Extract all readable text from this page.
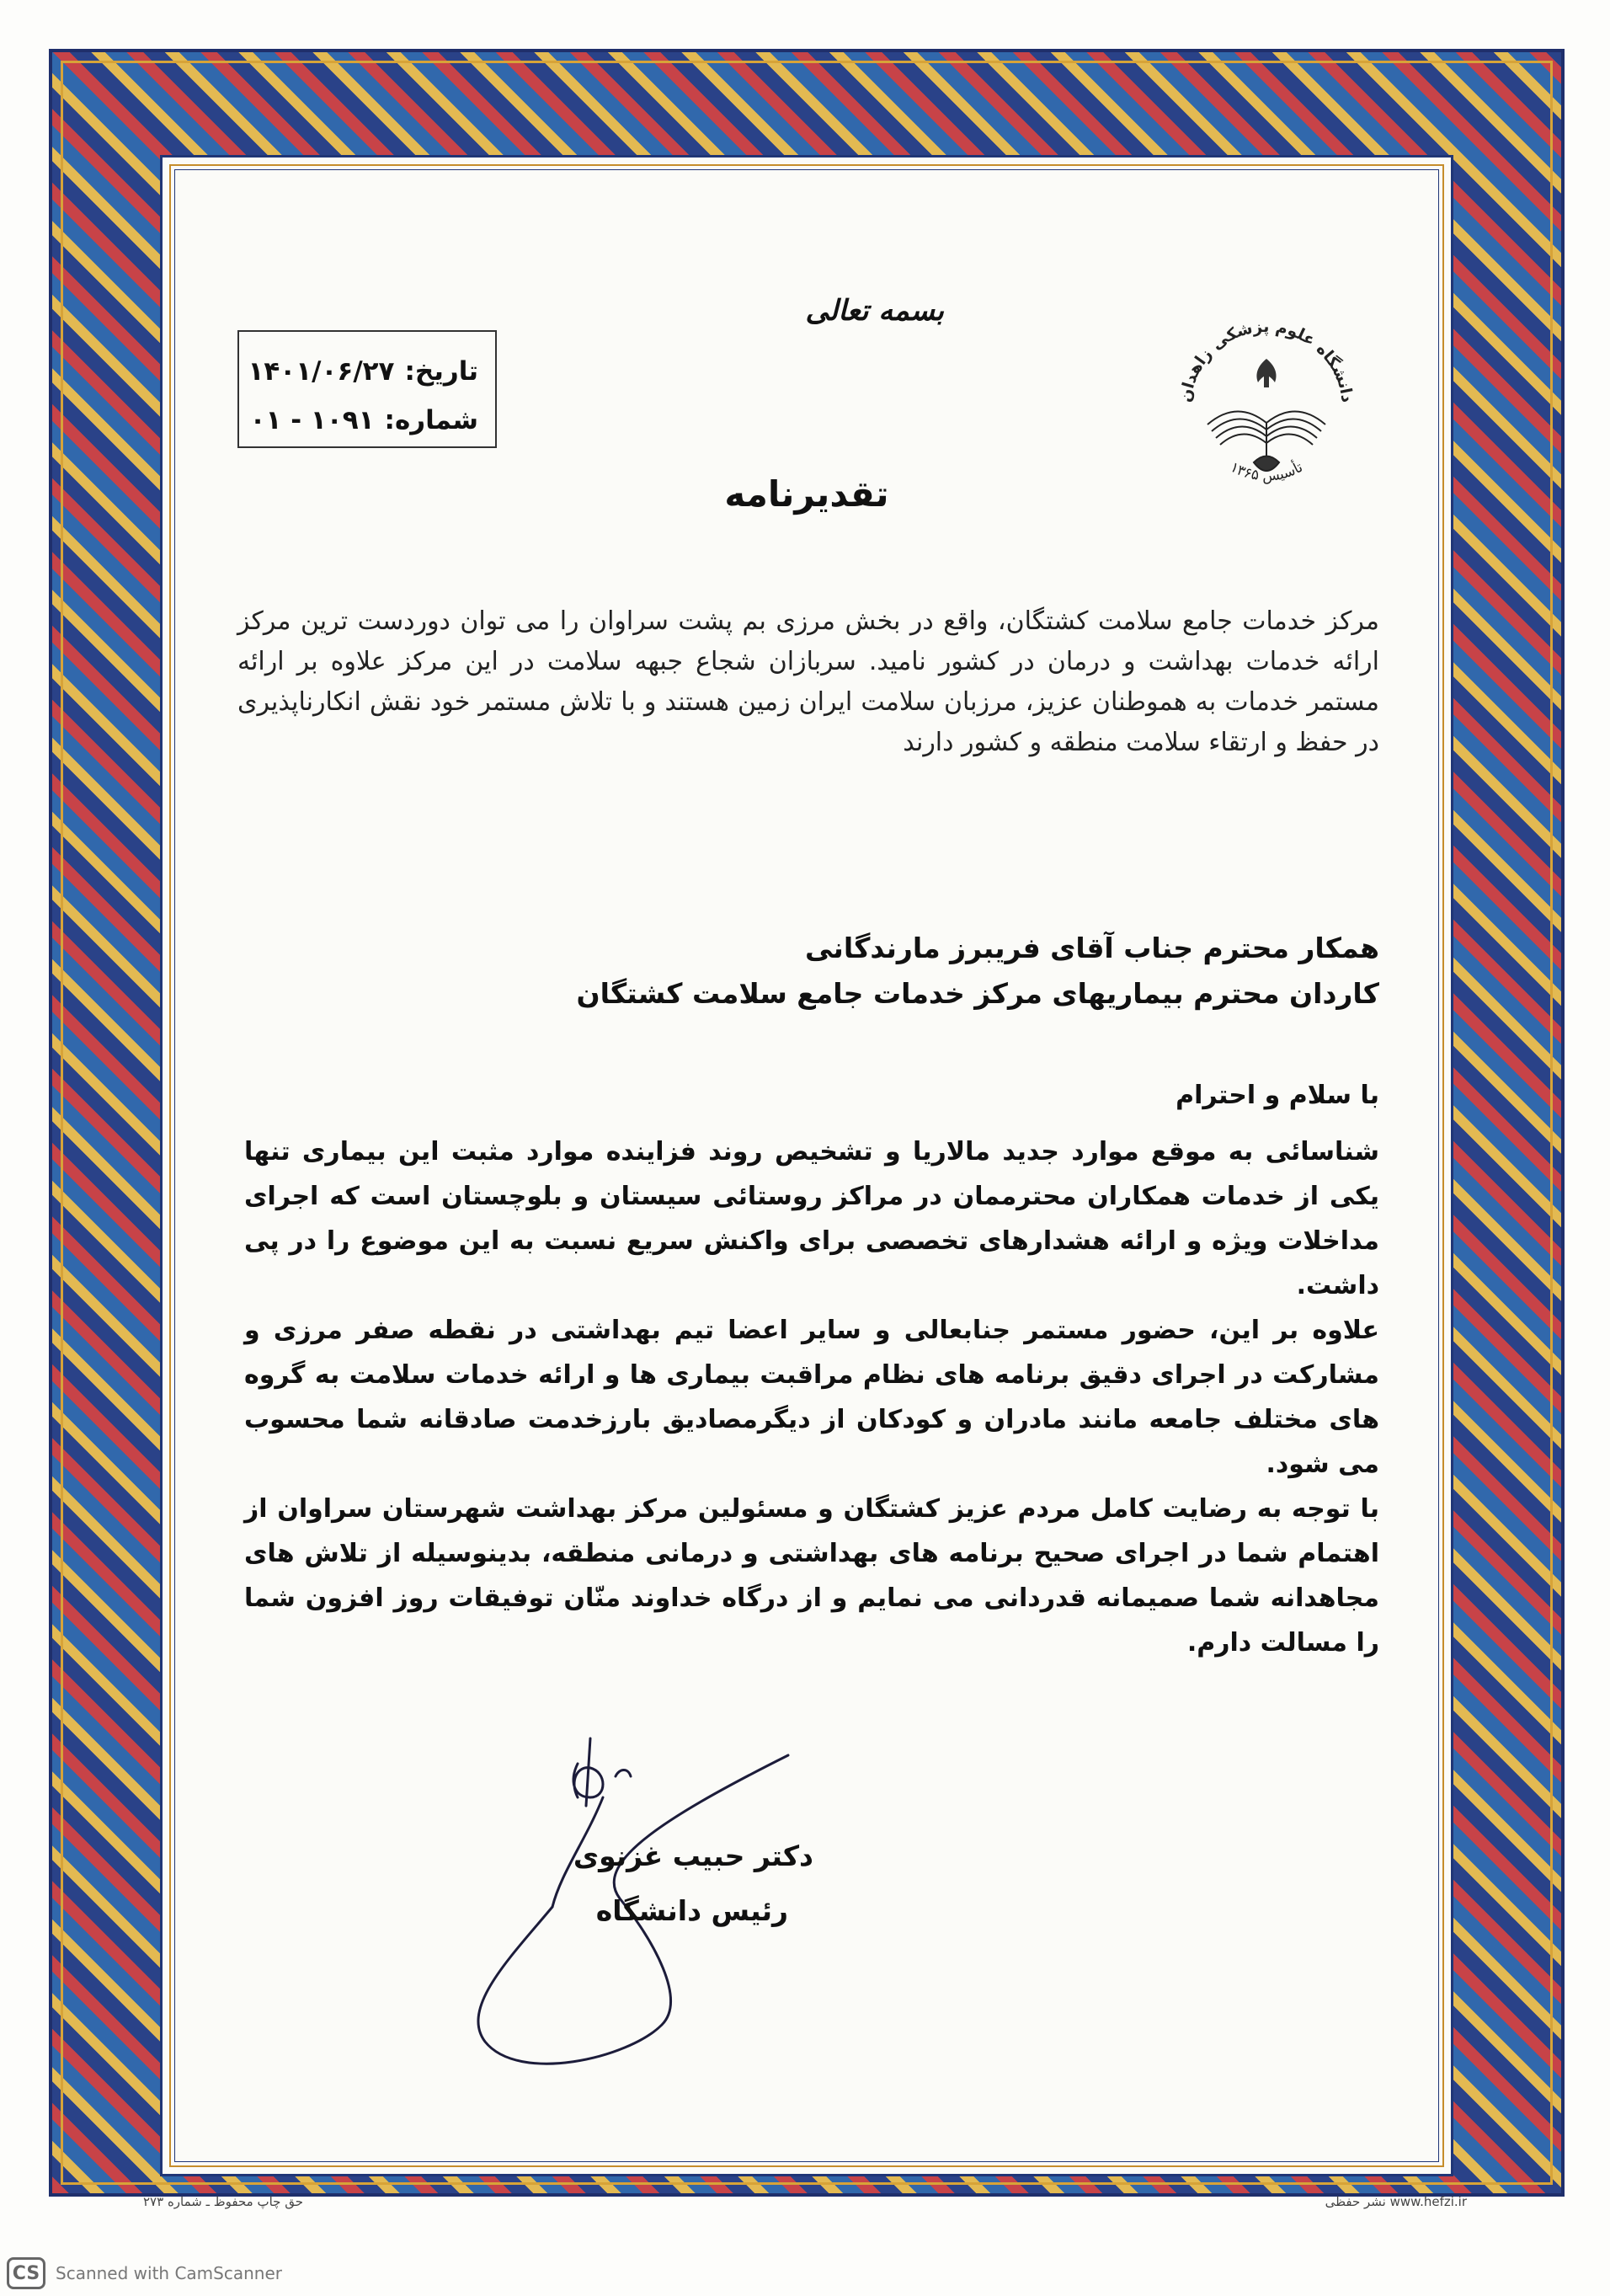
بسمه تعالی
دانشگاه علوم پزشکی زاهدان
تأسیس ۱۳۶۵
تاریخ:
۱۴۰۱/۰۶/۲۷
شماره:
۰۱ - ۱۰۹۱
تقدیرنامه
مرکز خدمات جامع سلامت کشتگان، واقع در بخش مرزی بم پشت سراوان را می توان دوردست ترین مرکز ارائه خدمات بهداشت و درمان در کشور نامید. سربازان شجاع جبهه سلامت در این مرکز علاوه بر ارائه مستمر خدمات به هموطنان عزیز، مرزبان سلامت ایران زمین هستند و با تلاش مستمر خود نقش انکارناپذیری در حفظ و ارتقاء سلامت منطقه و کشور دارند
همکار محترم جناب آقای فریبرز مارندگانی
کاردان محترم بیماریهای مرکز خدمات جامع سلامت کشتگان

با سلام و احترام

شناسائی به موقع موارد جدید مالاریا و تشخیص روند فزاینده موارد مثبت این بیماری تنها یکی از خدمات همکاران محترممان در مراکز روستائی سیستان و بلوچستان است که اجرای مداخلات ویژه و ارائه هشدارهای تخصصی برای واکنش سریع نسبت به این موضوع را در پی داشت.

علاوه بر این، حضور مستمر جنابعالی و سایر اعضا تیم بهداشتی در نقطه صفر مرزی و مشارکت در اجرای دقیق برنامه های نظام مراقبت بیماری ها و ارائه خدمات سلامت به گروه های مختلف جامعه مانند مادران و کودکان از دیگرمصادیق بارزخدمت صادقانه شما محسوب می شود.

با توجه به رضایت کامل مردم عزیز کشتگان و مسئولین مرکز بهداشت شهرستان سراوان از اهتمام شما در اجرای صحیح برنامه های بهداشتی و درمانی منطقه، بدینوسیله از تلاش های مجاهدانه شما صمیمانه قدردانی می نمایم و از درگاه خداوند منّان توفیقات روز افزون شما را مسالت دارم.

دکتر حبیب غزنوی
رئیس دانشگاه
حق چاپ محفوظ ـ شماره ۲۷۳	www.hefzi.ir نشر حفظی
CS Scanned with CamScanner
